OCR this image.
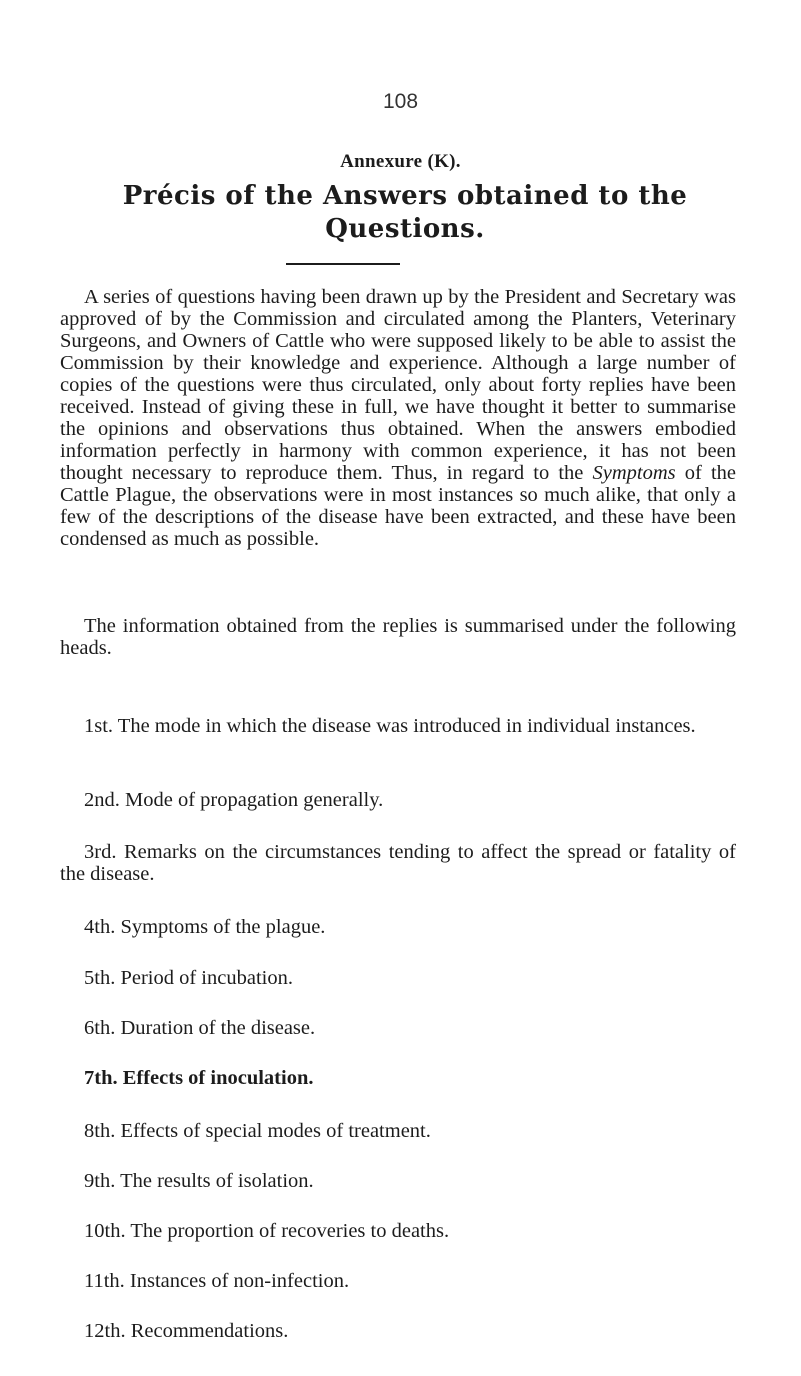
108
Annexure (K).
Précis of the Answers obtained to the
Questions.
A series of questions having been drawn up by the President and Secretary was approved of by the Commission and circulated among the Planters, Veterinary Surgeons, and Owners of Cattle who were supposed likely to be able to assist the Commission by their knowledge and experience. Although a large number of copies of the questions were thus circulated, only about forty replies have been received. Instead of giving these in full, we have thought it better to summarise the opinions and observations thus obtained. When the answers embodied information perfectly in harmony with common experience, it has not been thought necessary to reproduce them. Thus, in regard to the Symptoms of the Cattle Plague, the observations were in most instances so much alike, that only a few of the descriptions of the disease have been extracted, and these have been condensed as much as possible.
The information obtained from the replies is summarised under the following heads.
1st. The mode in which the disease was introduced in individual instances.
2nd. Mode of propagation generally.
3rd. Remarks on the circumstances tending to affect the spread or fatality of the disease.
4th. Symptoms of the plague.
5th. Period of incubation.
6th. Duration of the disease.
7th. Effects of inoculation.
8th. Effects of special modes of treatment.
9th. The results of isolation.
10th. The proportion of recoveries to deaths.
11th. Instances of non-infection.
12th. Recommendations.
